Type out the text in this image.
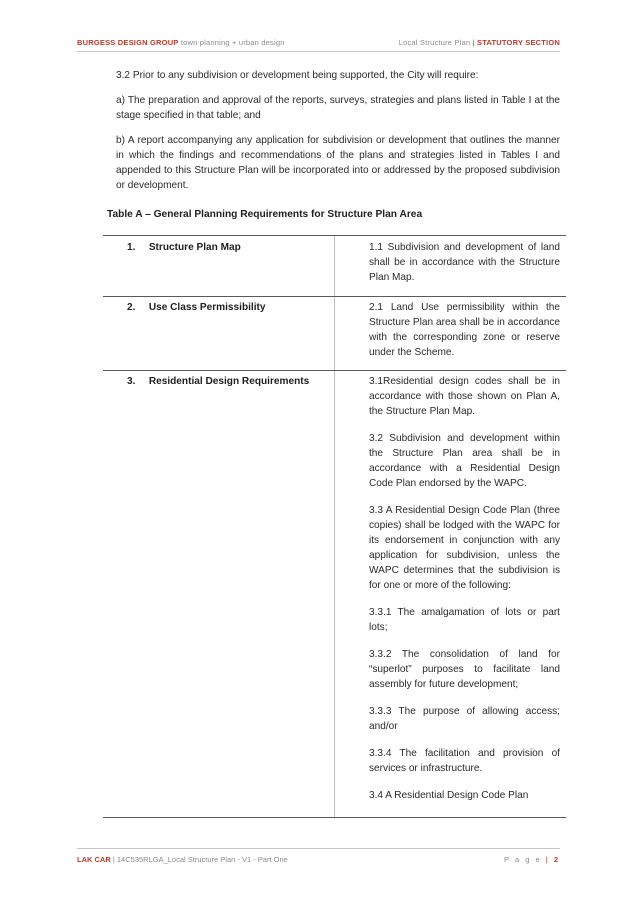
BURGESS DESIGN GROUP town planning + urban design	Local Structure Plan | STATUTORY SECTION

3.2 Prior to any subdivision or development being supported, the City will require:

a) The preparation and approval of the reports, surveys, strategies and plans listed in Table I at the stage specified in that table; and

b) A report accompanying any application for subdivision or development that outlines the manner in which the findings and recommendations of the plans and strategies listed in Tables I and appended to this Structure Plan will be incorporated into or addressed by the proposed subdivision or development.

Table A – General Planning Requirements for Structure Plan Area
1. Structure Plan Map	1.1 Subdivision and development of land shall be in accordance with the Structure Plan Map.

2. Use Class Permissibility	2.1 Land Use permissibility within the Structure Plan area shall be in accordance with the corresponding zone or reserve under the Scheme.

3. Residential Design Requirements	3.1Residential design codes shall be in accordance with those shown on Plan A, the Structure Plan Map.

3.2 Subdivision and development within the Structure Plan area shall be in accordance with a Residential Design Code Plan endorsed by the WAPC.

3.3 A Residential Design Code Plan (three copies) shall be lodged with the WAPC for its endorsement in conjunction with any application for subdivision, unless the WAPC determines that the subdivision is for one or more of the following:

3.3.1 The amalgamation of lots or part lots;

3.3.2 The consolidation of land for “superlot” purposes to facilitate land assembly for future development;

3.3.3 The purpose of allowing access; and/or

3.3.4 The facilitation and provision of services or infrastructure.

3.4 A Residential Design Code Plan

LAK CAR | 14C535RLGA_Local Structure Plan - V1 - Part One	P a g e | 2
